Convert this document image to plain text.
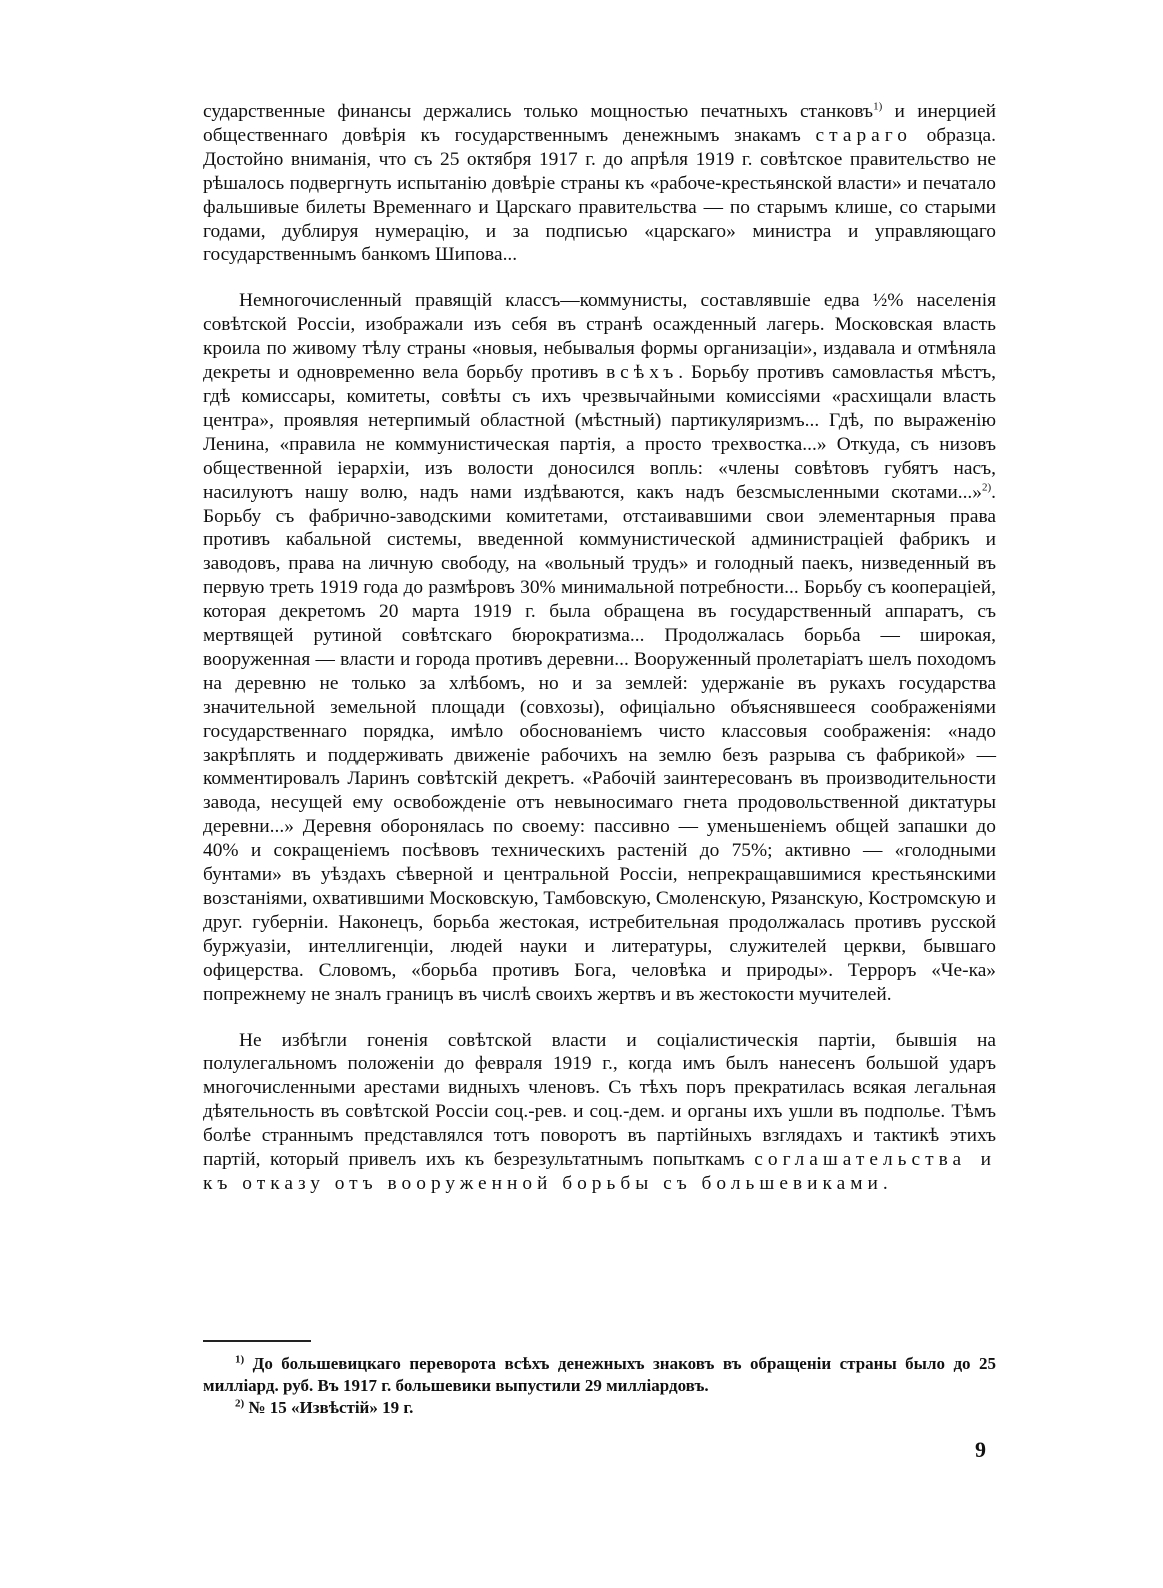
сударственные финансы держались только мощностью печатныхъ станковъ$^{1)}$ и инерцией общественнаго довѣрія къ государственнымъ денежнымъ знакамъ стараго образца. Достойно вниманія, что съ 25 октября 1917 г. до апрѣля 1919 г. совѣтское правительство не рѣшалось подвергнуть испытанію довѣріе страны къ «рабоче-крестьянской власти» и печатало фальшивые билеты Временнаго и Царскаго правительства — по старымъ клише, со старыми годами, дублируя нумерацію, и за подписью «царскаго» министра и управляющаго государственнымъ банкомъ Шипова...

Немногочисленный правящій классъ—коммунисты, составлявшіе едва ½% населенія совѣтской Россіи, изображали изъ себя въ странѣ осажденный лагерь. Московская власть кроила по живому тѣлу страны «новыя, небывалыя формы организаціи», издавала и отмѣняла декреты и одновременно вела борьбу противъ всѣхъ. Борьбу противъ самовластья мѣстъ, гдѣ комиссары, комитеты, совѣты съ ихъ чрезвычайными комиссіями «расхищали власть центра», проявляя нетерпимый областной (мѣстный) партикуляризмъ... Гдѣ, по выраженію Ленина, «правила не коммунистическая партія, а просто трехвостка...» Откуда, съ низовъ общественной іерархіи, изъ волости доносился вопль: «члены совѣтовъ губятъ насъ, насилуютъ нашу волю, надъ нами издѣваются, какъ надъ безсмысленными скотами...»$^{2)}$. Борьбу съ фабрично-заводскими комитетами, отстаивавшими свои элементарныя права противъ кабальной системы, введенной коммунистической администраціей фабрикъ и заводовъ, права на личную свободу, на «вольный трудъ» и голодный паекъ, низведенный въ первую треть 1919 года до размѣровъ 30% минимальной потребности... Борьбу съ кооперацiей, которая декретомъ 20 марта 1919 г. была обращена въ государственный аппаратъ, съ мертвящей рутиной совѣтскаго бюрократизма... Продолжалась борьба — широкая, вооруженная — власти и города противъ деревни... Вооруженный пролетаріатъ шелъ походомъ на деревню не только за хлѣбомъ, но и за землей: удержаніе въ рукахъ государства значительной земельной площади (совхозы), офиціально объяснявшееся соображеніями государственнаго порядка, имѣло обоснованіемъ чисто классовыя соображенія: «надо закрѣплять и поддерживать движеніе рабочихъ на землю безъ разрыва съ фабрикой» — комментировалъ Ларинъ совѣтскій декретъ. «Рабочій заинтересованъ въ производительности завода, несущей ему освобожденіе отъ невыносимаго гнета продовольственной диктатуры деревни...» Деревня оборонялась по своему: пассивно — уменьшеніемъ общей запашки до 40% и сокращеніемъ посѣвовъ техническихъ растеній до 75%; активно — «голодными бунтами» въ уѣздахъ сѣверной и центральной Россіи, непрекращавшимися крестьянскими возстаніями, охватившими Московскую, Тамбовскую, Смоленскую, Рязанскую, Костромскую и друг. губерніи. Наконецъ, борьба жестокая, истребительная продолжалась противъ русской буржуазіи, интеллигенціи, людей науки и литературы, служителей церкви, бывшаго офицерства. Словомъ, «борьба противъ Бога, человѣка и природы». Терроръ «Че-ка» попрежнему не зналъ границъ въ числѣ своихъ жертвъ и въ жестокости мучителей.

Не избѣгли гоненія совѣтской власти и соціалистическія партіи, бывшія на полулегальномъ положеніи до февраля 1919 г., когда имъ былъ нанесенъ большой ударъ многочисленными арестами видныхъ членовъ. Съ тѣхъ поръ прекратилась всякая легальная дѣятельность въ совѣтской Россіи соц.-рев. и соц.-дем. и органы ихъ ушли въ подполье. Тѣмъ болѣе страннымъ представлялся тотъ поворотъ въ партійныхъ взглядахъ и тактикѣ этихъ партій, который привелъ ихъ къ безрезультатнымъ попыткамъ соглашательства и къ отказу отъ вооруженной борьбы съ большевиками.

$^{1)}$ До большевицкаго переворота всѣхъ денежныхъ знаковъ въ обращеніи страны было до 25 милліард. руб. Въ 1917 г. большевики выпустили 29 милліардовъ.

$^{2)}$ № 15 «Извѣстій» 19 г.

9
